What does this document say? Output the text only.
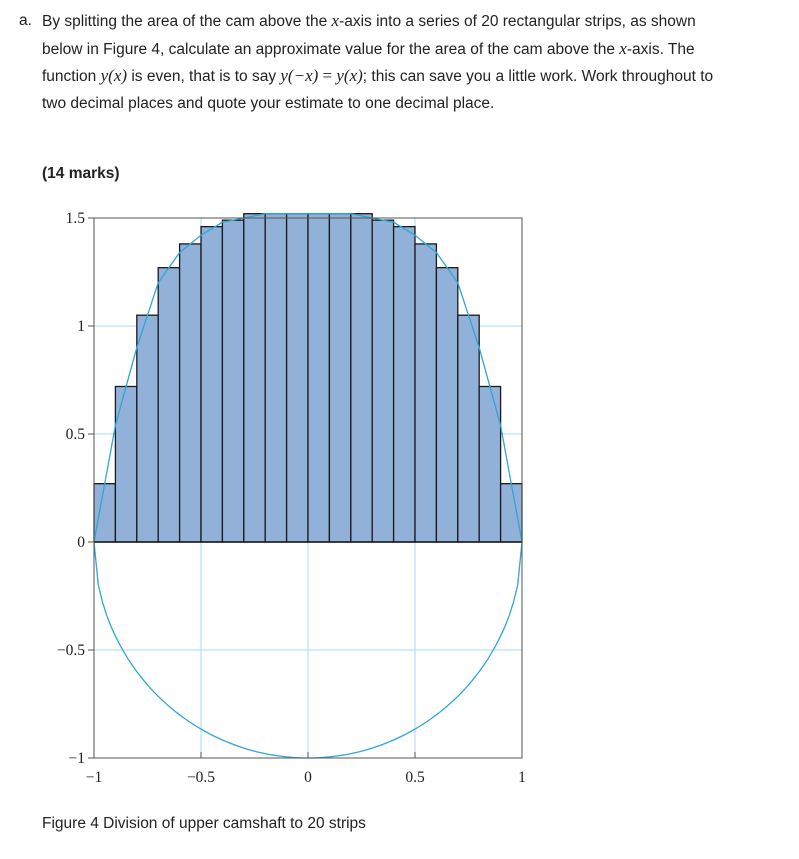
a. By splitting the area of the cam above the x-axis into a series of 20 rectangular strips, as shown below in Figure 4, calculate an approximate value for the area of the cam above the x-axis. The function y(x) is even, that is to say y(−x) = y(x); this can save you a little work. Work throughout to two decimal places and quote your estimate to one decimal place.

(14 marks)

1.5
1
0.5
0
−0.5
−1
−1	−0.5	0	0.5	1

Figure 4 Division of upper camshaft to 20 strips
